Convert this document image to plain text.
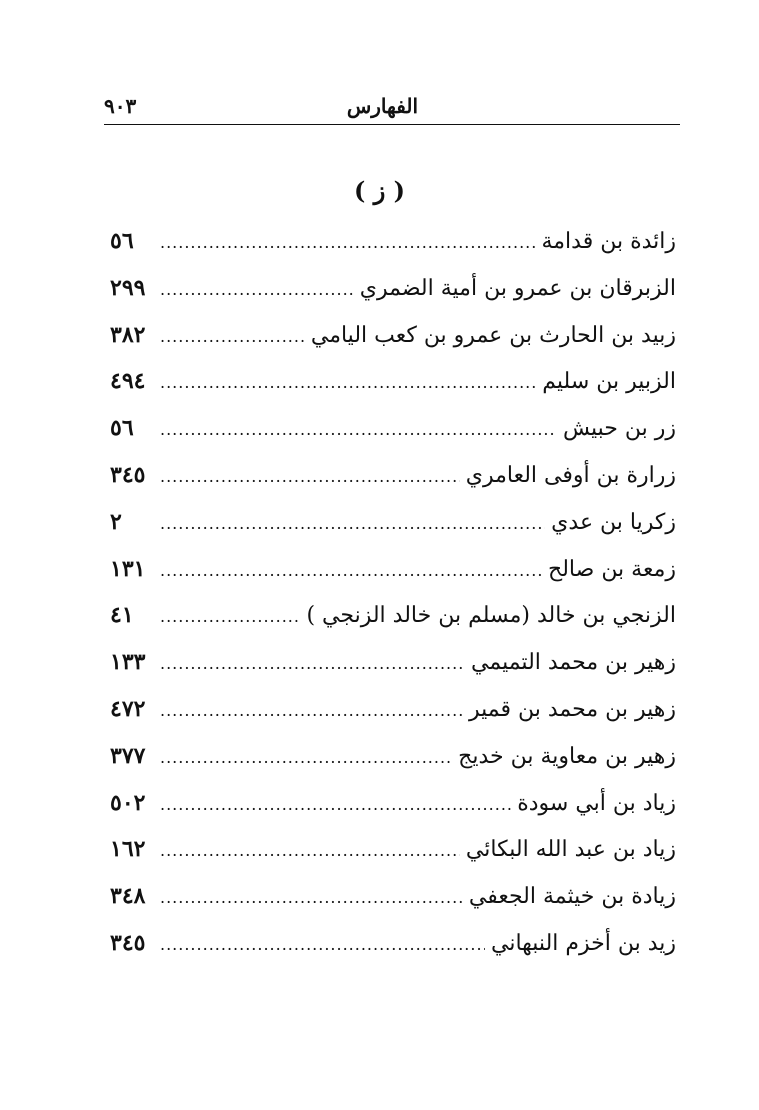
الفهارس
٩٠٣
( ز )
زائدة بن قدامة
.....
٥٦
الزبرقان بن عمرو بن أمية الضمري
.....
٢٩٩
زبيد بن الحارث بن عمرو بن كعب اليامي
.....
٣٨٢
الزبير بن سليم
.....
٤٩٤
زر بن حبيش
.....
٥٦
زرارة بن أوفى العامري
.....
٣٤٥
زكريا بن عدي
.....
٢
زمعة بن صالح
.....
١٣١
الزنجي بن خالد (مسلم بن خالد الزنجي )
.....
٤١
زهير بن محمد التميمي
.....
١٣٣
زهير بن محمد بن قمير
.....
٤٧٢
زهير بن معاوية بن خديج
.....
٣٧٧
زياد بن أبي سودة
.....
٥٠٢
زياد بن عبد الله البكائي
.....
١٦٢
زيادة بن خيثمة الجعفي
.....
٣٤٨
زيد بن أخزم النبهاني
.....
٣٤٥
